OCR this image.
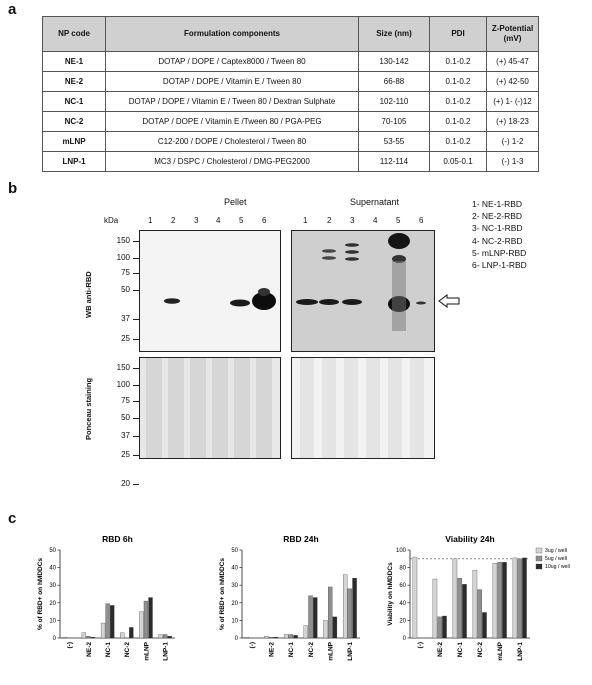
a
NP code	Formulation components	Size (nm)	PDI	Z-Potential (mV)
NE-1	DOTAP / DOPE / Captex8000 / Tween 80	130-142	0.1-0.2	(+) 45-47
NE-2	DOTAP / DOPE / Vitamin E / Tween 80	66-88	0.1-0.2	(+) 42-50
NC-1	DOTAP / DOPE / Vitamin E / Tween 80 / Dextran Sulphate	102-110	0.1-0.2	(+) 1- (-)12
NC-2	DOTAP / DOPE / Vitamin E /Tween 80 / PGA-PEG	70-105	0.1-0.2	(+) 18-23
mLNP	C12-200 / DOPE / Cholesterol / Tween 80	53-55	0.1-0.2	(-) 1-2
LNP-1	MC3 / DSPC / Cholesterol / DMG-PEG2000	112-114	0.05-0.1	(-) 1-3
b
Pellet	Supernatant
kDa	1	1
2	2
3	3
4	4
5	5
6	6
150
100
75
50
37
25
150
100
75
50
37
25
20
WB anti-RBD
Ponceau staining
1- NE-1-RBD
2- NE-2-RBD
3- NC-1-RBD
4- NC-2-RBD
5- mLNP-RBD
6- LNP-1-RBD
c
RBD 6h
0
10
20
30
40
50
% of RBD+ on hMDDCs
(-) NE-2 NC-1 NC-2 mLNP LNP-1
RBD 24h
0
10
20
30
40
50
% of RBD+ on hMDDCs
(-) NE-2 NC-1 NC-2 mLNP LNP-1
Viability 24h
0
20
40
60
80
100
Viability on hMDDCs
(-) NE-2 NC-1 NC-2 mLNP LNP-1
3ug / well
5ug / well
10ug / well
